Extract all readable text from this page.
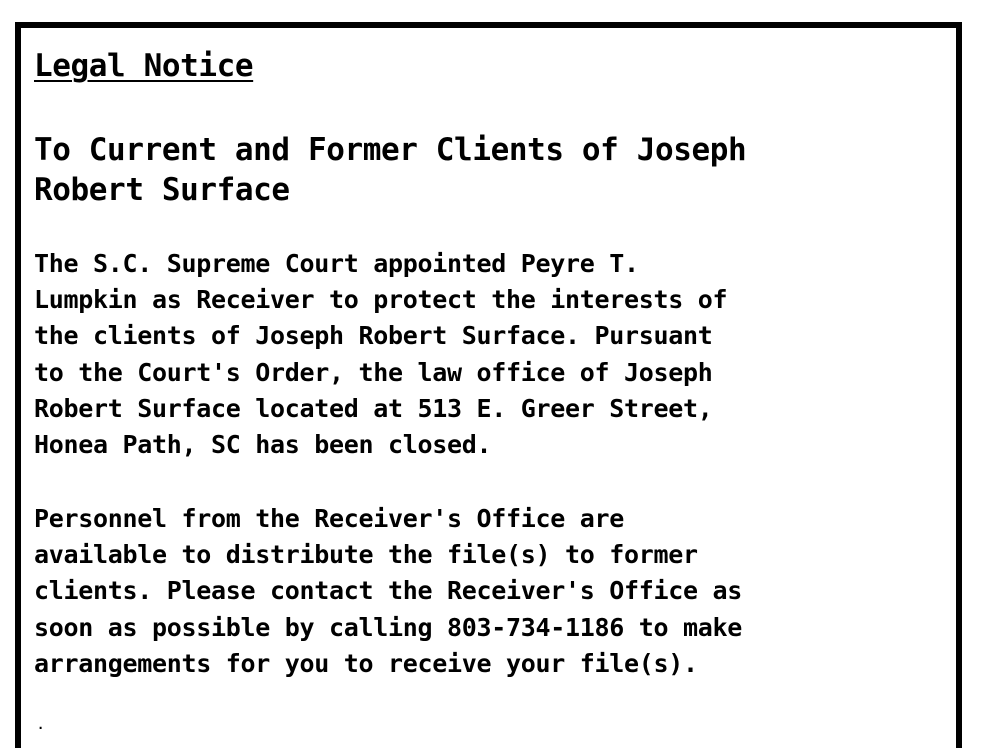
Legal Notice
To Current and Former Clients of Joseph
Robert Surface

The S.C. Supreme Court appointed Peyre T.
Lumpkin as Receiver to protect the interests of
the clients of Joseph Robert Surface. Pursuant
to the Court's Order, the law office of Joseph
Robert Surface located at 513 E. Greer Street,
Honea Path, SC has been closed.

Personnel from the Receiver's Office are
available to distribute the file(s) to former
clients. Please contact the Receiver's Office as
soon as possible by calling 803-734-1186 to make
arrangements for you to receive your file(s).

.
